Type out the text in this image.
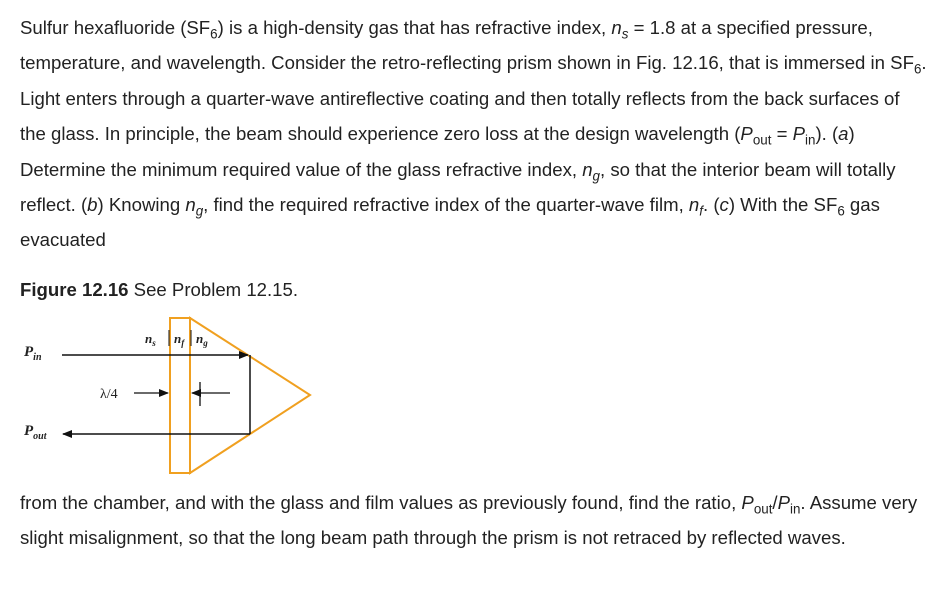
Sulfur hexafluoride $(SF_6)$ is a high-density gas that has refractive index, $n_s = 1.8$ at a specified pressure, temperature, and wavelength. Consider the retro-reflecting prism shown in Fig. 12.16, that is immersed in $SF_6$. Light enters through a quarter-wave antireflective coating and then totally reflects from the back surfaces of the glass. In principle, the beam should experience zero loss at the design wavelength $(P_{out} = P_{in})$. (a) Determine the minimum required value of the glass refractive index, $n_g$, so that the interior beam will totally reflect. (b) Knowing $n_g$, find the required refractive index of the quarter-wave film, $n_f$. (c) With the $SF_6$ gas evacuated

Figure 12.16 See Problem 12.15.

$P_{in}$
$P_{out}$
$n_s$ $n_f$ $n_g$
λ/4

from the chamber, and with the glass and film values as previously found, find the ratio, $P_{out}/P_{in}$. Assume very slight misalignment, so that the long beam path through the prism is not retraced by reflected waves.
